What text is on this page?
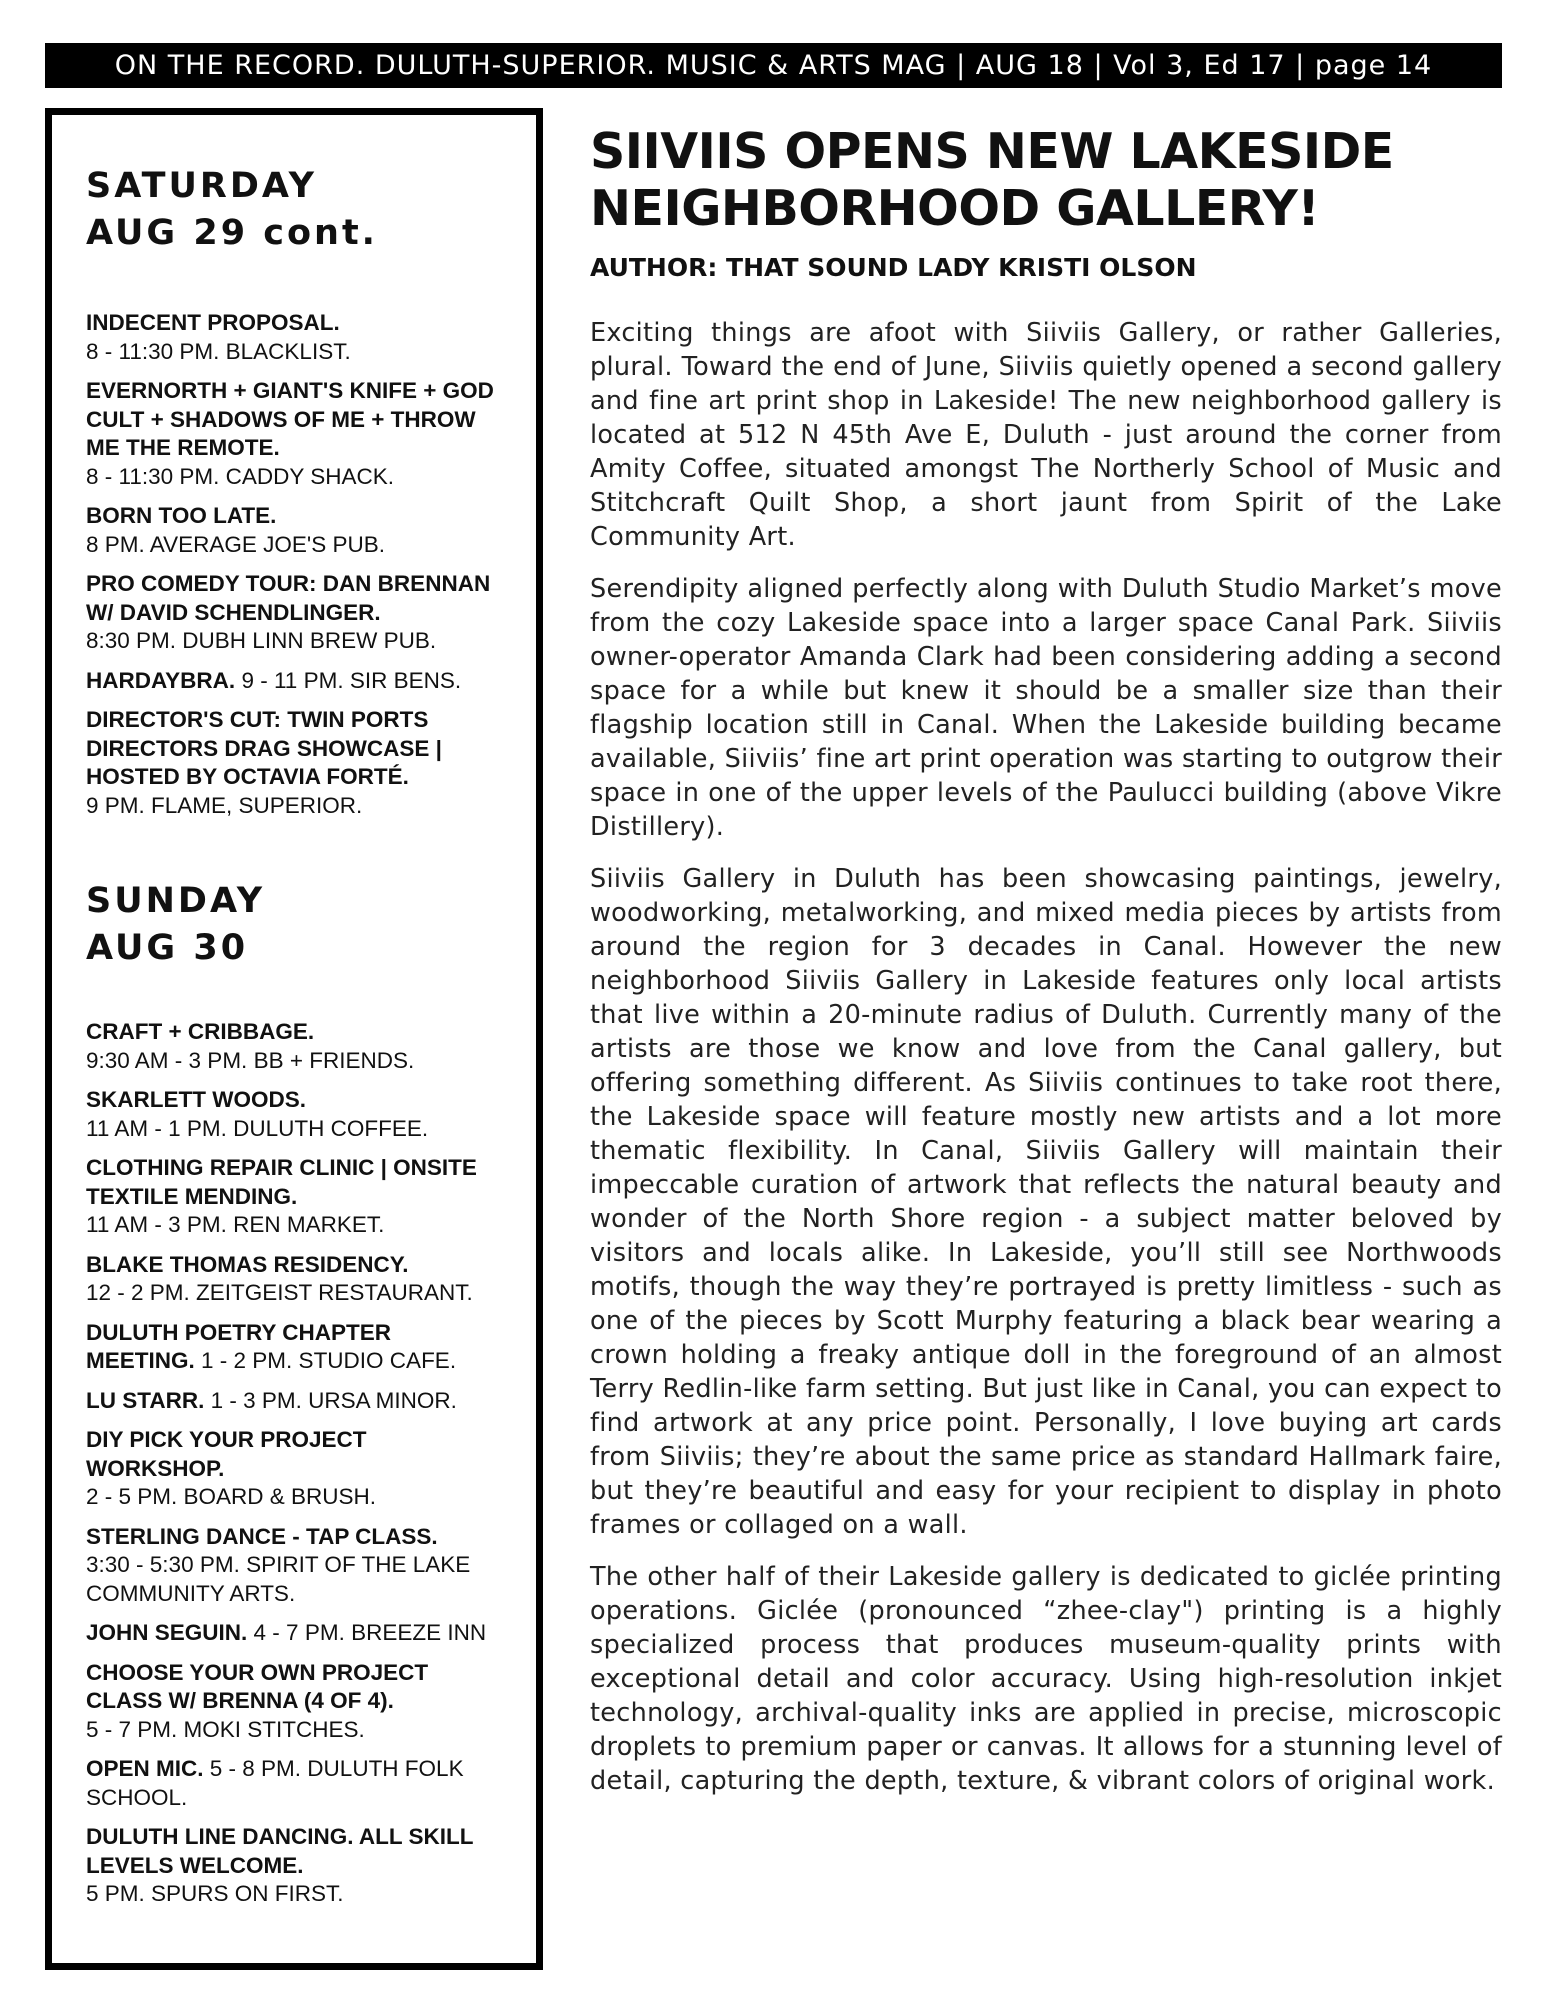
ON THE RECORD. DULUTH-SUPERIOR. MUSIC & ARTS MAG | AUG 18 | Vol 3, Ed 17 | page 14
SATURDAY
AUG 29 cont.
INDECENT PROPOSAL.
8 - 11:30 PM. BLACKLIST.
EVERNORTH + GIANT'S KNIFE + GOD CULT + SHADOWS OF ME + THROW ME THE REMOTE.
8 - 11:30 PM. CADDY SHACK.
BORN TOO LATE.
8 PM. AVERAGE JOE'S PUB.
PRO COMEDY TOUR: DAN BRENNAN W/ DAVID SCHENDLINGER.
8:30 PM. DUBH LINN BREW PUB.
HARDAYBRA. 9 - 11 PM. SIR BENS.
DIRECTOR'S CUT: TWIN PORTS DIRECTORS DRAG SHOWCASE | HOSTED BY OCTAVIA FORTÉ.
9 PM. FLAME, SUPERIOR.
SUNDAY
AUG 30
CRAFT + CRIBBAGE.
9:30 AM - 3 PM. BB + FRIENDS.
SKARLETT WOODS.
11 AM - 1 PM. DULUTH COFFEE.
CLOTHING REPAIR CLINIC | ONSITE TEXTILE MENDING.
11 AM - 3 PM. REN MARKET.
BLAKE THOMAS RESIDENCY.
12 - 2 PM. ZEITGEIST RESTAURANT.
DULUTH POETRY CHAPTER MEETING. 1 - 2 PM. STUDIO CAFE.
LU STARR. 1 - 3 PM. URSA MINOR.
DIY PICK YOUR PROJECT WORKSHOP.
2 - 5 PM. BOARD & BRUSH.
STERLING DANCE - TAP CLASS.
3:30 - 5:30 PM. SPIRIT OF THE LAKE COMMUNITY ARTS.
JOHN SEGUIN. 4 - 7 PM. BREEZE INN
CHOOSE YOUR OWN PROJECT CLASS W/ BRENNA (4 OF 4).
5 - 7 PM. MOKI STITCHES.
OPEN MIC. 5 - 8 PM. DULUTH FOLK SCHOOL.
DULUTH LINE DANCING. ALL SKILL LEVELS WELCOME.
5 PM. SPURS ON FIRST.
SIIVIIS OPENS NEW LAKESIDE NEIGHBORHOOD GALLERY!
AUTHOR: THAT SOUND LADY KRISTI OLSON

Exciting things are afoot with Siiviis Gallery, or rather Galleries, plural. Toward the end of June, Siiviis quietly opened a second gallery and fine art print shop in Lakeside! The new neighborhood gallery is located at 512 N 45th Ave E, Duluth - just around the corner from Amity Coffee, situated amongst The Northerly School of Music and Stitchcraft Quilt Shop, a short jaunt from Spirit of the Lake Community Art.

Serendipity aligned perfectly along with Duluth Studio Market’s move from the cozy Lakeside space into a larger space Canal Park. Siiviis owner-operator Amanda Clark had been considering adding a second space for a while but knew it should be a smaller size than their flagship location still in Canal. When the Lakeside building became available, Siiviis’ fine art print operation was starting to outgrow their space in one of the upper levels of the Paulucci building (above Vikre Distillery).

Siiviis Gallery in Duluth has been showcasing paintings, jewelry, woodworking, metalworking, and mixed media pieces by artists from around the region for 3 decades in Canal. However the new neighborhood Siiviis Gallery in Lakeside features only local artists that live within a 20-minute radius of Duluth. Currently many of the artists are those we know and love from the Canal gallery, but offering something different. As Siiviis continues to take root there, the Lakeside space will feature mostly new artists and a lot more thematic flexibility. In Canal, Siiviis Gallery will maintain their impeccable curation of artwork that reflects the natural beauty and wonder of the North Shore region - a subject matter beloved by visitors and locals alike. In Lakeside, you’ll still see Northwoods motifs, though the way they’re portrayed is pretty limitless - such as one of the pieces by Scott Murphy featuring a black bear wearing a crown holding a freaky antique doll in the foreground of an almost Terry Redlin-like farm setting. But just like in Canal, you can expect to find artwork at any price point. Personally, I love buying art cards from Siiviis; they’re about the same price as standard Hallmark faire, but they’re beautiful and easy for your recipient to display in photo frames or collaged on a wall.

The other half of their Lakeside gallery is dedicated to giclée printing operations. Giclée (pronounced “zhee-clay") printing is a highly specialized process that produces museum-quality prints with exceptional detail and color accuracy. Using high-resolution inkjet technology, archival-quality inks are applied in precise, microscopic droplets to premium paper or canvas. It allows for a stunning level of detail, capturing the depth, texture, & vibrant colors of original work.
